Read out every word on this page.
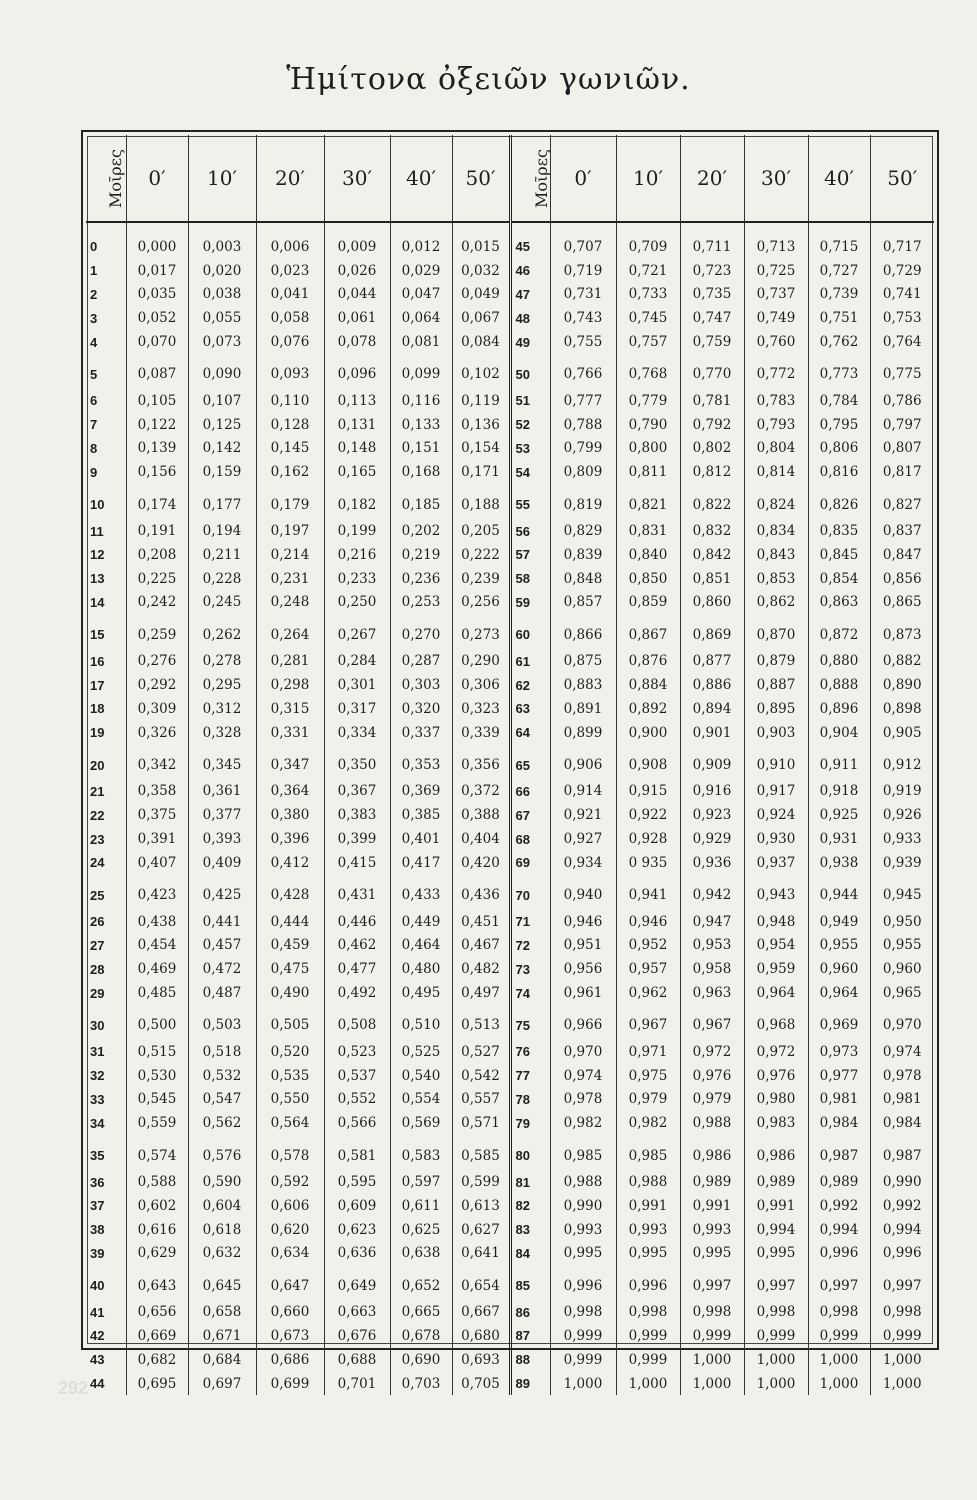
Ἡμίτονα ὀξειῶν γωνιῶν.
Μοῖρες	0′	10′	20′	30′	40′	50′	Μοῖρες	0′	10′	20′	30′	40′	50′
0	0,000	0,003	0,006	0,009	0,012	0,015	45	0,707	0,709	0,711	0,713	0,715	0,717
1	0,017	0,020	0,023	0,026	0,029	0,032	46	0,719	0,721	0,723	0,725	0,727	0,729
2	0,035	0,038	0,041	0,044	0,047	0,049	47	0,731	0,733	0,735	0,737	0,739	0,741
3	0,052	0,055	0,058	0,061	0,064	0,067	48	0,743	0,745	0,747	0,749	0,751	0,753
4	0,070	0,073	0,076	0,078	0,081	0,084	49	0,755	0,757	0,759	0,760	0,762	0,764
5	0,087	0,090	0,093	0,096	0,099	0,102	50	0,766	0,768	0,770	0,772	0,773	0,775
6	0,105	0,107	0,110	0,113	0,116	0,119	51	0,777	0,779	0,781	0,783	0,784	0,786
7	0,122	0,125	0,128	0,131	0,133	0,136	52	0,788	0,790	0,792	0,793	0,795	0,797
8	0,139	0,142	0,145	0,148	0,151	0,154	53	0,799	0,800	0,802	0,804	0,806	0,807
9	0,156	0,159	0,162	0,165	0,168	0,171	54	0,809	0,811	0,812	0,814	0,816	0,817
10	0,174	0,177	0,179	0,182	0,185	0,188	55	0,819	0,821	0,822	0,824	0,826	0,827
11	0,191	0,194	0,197	0,199	0,202	0,205	56	0,829	0,831	0,832	0,834	0,835	0,837
12	0,208	0,211	0,214	0,216	0,219	0,222	57	0,839	0,840	0,842	0,843	0,845	0,847
13	0,225	0,228	0,231	0,233	0,236	0,239	58	0,848	0,850	0,851	0,853	0,854	0,856
14	0,242	0,245	0,248	0,250	0,253	0,256	59	0,857	0,859	0,860	0,862	0,863	0,865
15	0,259	0,262	0,264	0,267	0,270	0,273	60	0,866	0,867	0,869	0,870	0,872	0,873
16	0,276	0,278	0,281	0,284	0,287	0,290	61	0,875	0,876	0,877	0,879	0,880	0,882
17	0,292	0,295	0,298	0,301	0,303	0,306	62	0,883	0,884	0,886	0,887	0,888	0,890
18	0,309	0,312	0,315	0,317	0,320	0,323	63	0,891	0,892	0,894	0,895	0,896	0,898
19	0,326	0,328	0,331	0,334	0,337	0,339	64	0,899	0,900	0,901	0,903	0,904	0,905
20	0,342	0,345	0,347	0,350	0,353	0,356	65	0,906	0,908	0,909	0,910	0,911	0,912
21	0,358	0,361	0,364	0,367	0,369	0,372	66	0,914	0,915	0,916	0,917	0,918	0,919
22	0,375	0,377	0,380	0,383	0,385	0,388	67	0,921	0,922	0,923	0,924	0,925	0,926
23	0,391	0,393	0,396	0,399	0,401	0,404	68	0,927	0,928	0,929	0,930	0,931	0,933
24	0,407	0,409	0,412	0,415	0,417	0,420	69	0,934	0 935	0,936	0,937	0,938	0,939
25	0,423	0,425	0,428	0,431	0,433	0,436	70	0,940	0,941	0,942	0,943	0,944	0,945
26	0,438	0,441	0,444	0,446	0,449	0,451	71	0,946	0,946	0,947	0,948	0,949	0,950
27	0,454	0,457	0,459	0,462	0,464	0,467	72	0,951	0,952	0,953	0,954	0,955	0,955
28	0,469	0,472	0,475	0,477	0,480	0,482	73	0,956	0,957	0,958	0,959	0,960	0,960
29	0,485	0,487	0,490	0,492	0,495	0,497	74	0,961	0,962	0,963	0,964	0,964	0,965
30	0,500	0,503	0,505	0,508	0,510	0,513	75	0,966	0,967	0,967	0,968	0,969	0,970
31	0,515	0,518	0,520	0,523	0,525	0,527	76	0,970	0,971	0,972	0,972	0,973	0,974
32	0,530	0,532	0,535	0,537	0,540	0,542	77	0,974	0,975	0,976	0,976	0,977	0,978
33	0,545	0,547	0,550	0,552	0,554	0,557	78	0,978	0,979	0,979	0,980	0,981	0,981
34	0,559	0,562	0,564	0,566	0,569	0,571	79	0,982	0,982	0,988	0,983	0,984	0,984
35	0,574	0,576	0,578	0,581	0,583	0,585	80	0,985	0,985	0,986	0,986	0,987	0,987
36	0,588	0,590	0,592	0,595	0,597	0,599	81	0,988	0,988	0,989	0,989	0,989	0,990
37	0,602	0,604	0,606	0,609	0,611	0,613	82	0,990	0,991	0,991	0,991	0,992	0,992
38	0,616	0,618	0,620	0,623	0,625	0,627	83	0,993	0,993	0,993	0,994	0,994	0,994
39	0,629	0,632	0,634	0,636	0,638	0,641	84	0,995	0,995	0,995	0,995	0,996	0,996
40	0,643	0,645	0,647	0,649	0,652	0,654	85	0,996	0,996	0,997	0,997	0,997	0,997
41	0,656	0,658	0,660	0,663	0,665	0,667	86	0,998	0,998	0,998	0,998	0,998	0,998
42	0,669	0,671	0,673	0,676	0,678	0,680	87	0,999	0,999	0,999	0,999	0,999	0,999
43	0,682	0,684	0,686	0,688	0,690	0,693	88	0,999	0,999	1,000	1,000	1,000	1,000
44	0,695	0,697	0,699	0,701	0,703	0,705	89	1,000	1,000	1,000	1,000	1,000	1,000
292
